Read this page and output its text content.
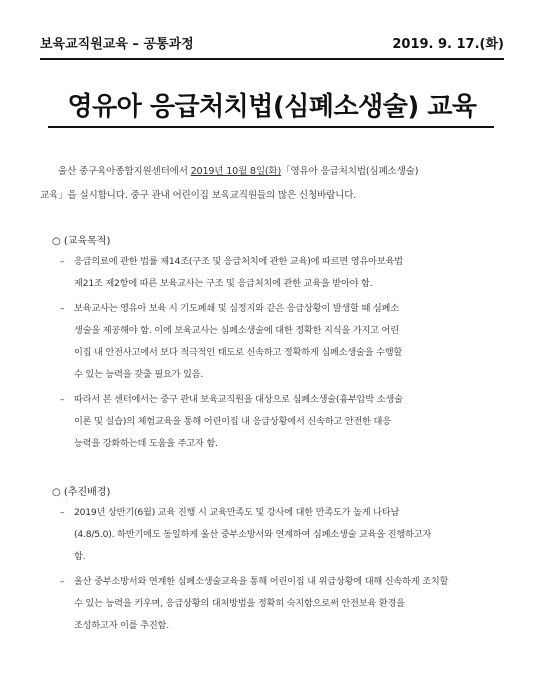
보육교직원교육 – 공통과정	2019. 9. 17.(화)
영유아 응급처치법(심폐소생술) 교육

울산 중구육아종합지원센터에서 2019년 10월 8일(화)「영유아 응급처치법(심폐소생술)

교육」을 실시합니다. 중구 관내 어린이집 보육교직원들의 많은 신청바랍니다.

○ (교육목적)
– 응급의료에 관한 법률 제14조(구조 및 응급처치에 관한 교육)에 따르면 영유아보육법
제21조 제2항에 따른 보육교사는 구조 및 응급처치에 관한 교육을 받아야 함.
– 보육교사는 영유아 보육 시 기도폐쇄 및 심정지와 같은 응급상황이 발생할 때 심폐소
생술을 제공해야 함. 이에 보육교사는 심폐소생술에 대한 정확한 지식을 가지고 어린
이집 내 안전사고에서 보다 적극적인 태도로 신속하고 정확하게 심폐소생술을 수행할
수 있는 능력을 갖출 필요가 있음.
– 따라서 본 센터에서는 중구 관내 보육교직원을 대상으로 심폐소생술(흉부압박 소생술
이론 및 실습)의 체험교육을 통해 어린이집 내 응급상황에서 신속하고 안전한 대응
능력을 강화하는데 도움을 주고자 함.
○ (추진배경)
– 2019년 상반기(6월) 교육 진행 시 교육만족도 및 강사에 대한 만족도가 높게 나타남
(4.8/5.0). 하반기에도 동일하게 울산 중부소방서와 연계하여 심폐소생술 교육을 진행하고자
함.
– 울산 중부소방서와 연계한 심폐소생술교육을 통해 어린이집 내 위급상황에 대해 신속하게 조치할
수 있는 능력을 키우며, 응급상황의 대처방법을 정확히 숙지함으로써 안전보육 환경을
조성하고자 이를 추진함.
